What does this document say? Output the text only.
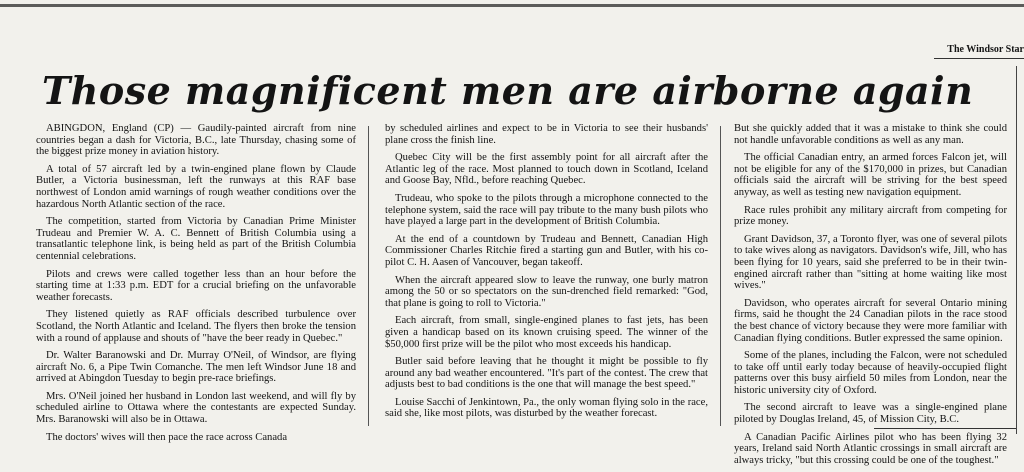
The Windsor Star
Those magnificent men are airborne again

ABINGDON, England (CP) — Gaudily-painted aircraft from nine countries began a dash for Victoria, B.C., late Thursday, chasing some of the biggest prize money in aviation history.

A total of 57 aircraft led by a twin-engined plane flown by Claude Butler, a Victoria businessman, left the runways at this RAF base northwest of London amid warnings of rough weather conditions over the hazardous North Atlantic section of the race.

The competition, started from Victoria by Canadian Prime Minister Trudeau and Premier W. A. C. Bennett of British Columbia using a transatlantic telephone link, is being held as part of the British Columbia centennial celebrations.

Pilots and crews were called together less than an hour before the starting time at 1:33 p.m. EDT for a crucial briefing on the unfavorable weather forecasts.

They listened quietly as RAF officials described turbulence over Scotland, the North Atlantic and Iceland. The flyers then broke the tension with a round of applause and shouts of "have the beer ready in Quebec."

Dr. Walter Baranowski and Dr. Murray O'Neil, of Windsor, are flying aircraft No. 6, a Pipe Twin Comanche. The men left Windsor June 18 and arrived at Abingdon Tuesday to begin pre-race briefings.

Mrs. O'Neil joined her husband in London last weekend, and will fly by scheduled airline to Ottawa where the contestants are expected Sunday. Mrs. Baranowski will also be in Ottawa.

The doctors' wives will then pace the race across Canada

by scheduled airlines and expect to be in Victoria to see their husbands' plane cross the finish line.

Quebec City will be the first assembly point for all aircraft after the Atlantic leg of the race. Most planned to touch down in Scotland, Iceland and Goose Bay, Nfld., before reaching Quebec.

Trudeau, who spoke to the pilots through a microphone connected to the telephone system, said the race will pay tribute to the many bush pilots who have played a large part in the development of British Columbia.

At the end of a countdown by Trudeau and Bennett, Canadian High Commissioner Charles Ritchie fired a starting gun and Butler, with his co-pilot C. H. Aasen of Vancouver, began takeoff.

When the aircraft appeared slow to leave the runway, one burly matron among the 50 or so spectators on the sun-drenched field remarked: "God, that plane is going to roll to Victoria."

Each aircraft, from small, single-engined planes to fast jets, has been given a handicap based on its known cruising speed. The winner of the $50,000 first prize will be the pilot who most exceeds his handicap.

Butler said before leaving that he thought it might be possible to fly around any bad weather encountered. "It's part of the contest. The crew that adjusts best to bad conditions is the one that will manage the best speed."

Louise Sacchi of Jenkintown, Pa., the only woman flying solo in the race, said she, like most pilots, was disturbed by the weather forecast.

But she quickly added that it was a mistake to think she could not handle unfavorable conditions as well as any man.

The official Canadian entry, an armed forces Falcon jet, will not be eligible for any of the $170,000 in prizes, but Canadian officials said the aircraft will be striving for the best speed anyway, as well as testing new navigation equipment.

Race rules prohibit any military aircraft from competing for prize money.

Grant Davidson, 37, a Toronto flyer, was one of several pilots to take wives along as navigators. Davidson's wife, Jill, who has been flying for 10 years, said she preferred to be in their twin-engined aircraft rather than "sitting at home waiting like most wives."

Davidson, who operates aircraft for several Ontario mining firms, said he thought the 24 Canadian pilots in the race stood the best chance of victory because they were more familiar with Canadian flying conditions. Butler expressed the same opinion.

Some of the planes, including the Falcon, were not scheduled to take off until early today because of heavily-occupied flight patterns over this busy airfield 50 miles from London, near the historic university city of Oxford.

The second aircraft to leave was a single-engined plane piloted by Douglas Ireland, 45, of Mission City, B.C.

A Canadian Pacific Airlines pilot who has been flying 32 years, Ireland said North Atlantic crossings in small aircraft are always tricky, "but this crossing could be one of the toughest."
